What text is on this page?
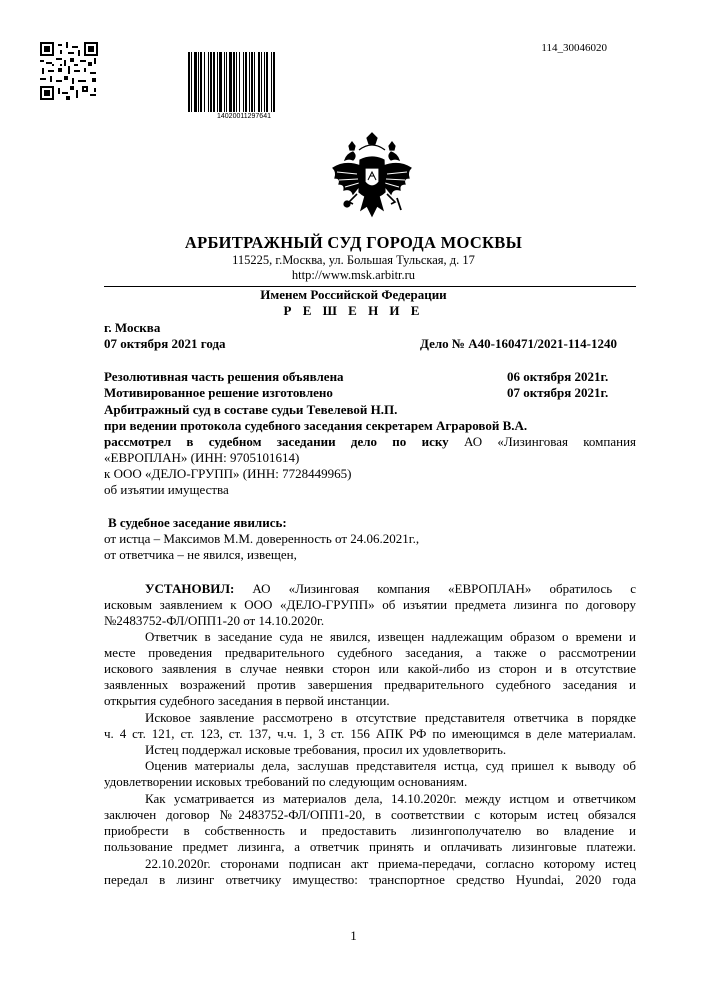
14020011297641
114_30046020
АРБИТРАЖНЫЙ СУД ГОРОДА МОСКВЫ
115225, г.Москва, ул. Большая Тульская, д. 17
http://www.msk.arbitr.ru
Именем Российской Федерации
Р Е Ш Е Н И Е
г. Москва
07 октября 2021 года	Дело № А40-160471/2021-114-1240
Резолютивная часть решения объявлена	06 октября 2021г.
Мотивированное решение изготовлено	07 октября 2021г.
Арбитражный суд в составе судьи Тевелевой Н.П.
при ведении протокола судебного заседания секретарем Аграровой В.А.
рассмотрел в судебном заседании дело по иску АО «Лизинговая компания
«ЕВРОПЛАН» (ИНН: 9705101614)
к ООО «ДЕЛО-ГРУПП» (ИНН: 7728449965)
об изъятии имущества
В судебное заседание явились:
от истца – Максимов М.М. доверенность от 24.06.2021г.,
от ответчика – не явился, извещен,
УСТАНОВИЛ: АО «Лизинговая компания «ЕВРОПЛАН» обратилось с
исковым заявлением к ООО «ДЕЛО-ГРУПП» об изъятии предмета лизинга по договору
№2483752-ФЛ/ОПП1-20 от 14.10.2020г.
Ответчик в заседание суда не явился, извещен надлежащим образом о времени и
месте проведения предварительного судебного заседания, а также о рассмотрении
искового заявления в случае неявки сторон или какой-либо из сторон и в отсутствие
заявленных возражений против завершения предварительного судебного заседания и
открытия судебного заседания в первой инстанции.
Исковое заявление рассмотрено в отсутствие представителя ответчика в порядке
ч. 4 ст. 121, ст. 123, ст. 137, ч.ч. 1, 3 ст. 156 АПК РФ по имеющимся в деле материалам.
Истец поддержал исковые требования, просил их удовлетворить.
Оценив материалы дела, заслушав представителя истца, суд пришел к выводу об
удовлетворении исковых требований по следующим основаниям.
Как усматривается из материалов дела, 14.10.2020г. между истцом и ответчиком
заключен договор №2483752-ФЛ/ОПП1-20, в соответствии с которым истец обязался
приобрести в собственность и предоставить лизингополучателю во владение и
пользование предмет лизинга, а ответчик принять и оплачивать лизинговые платежи.
22.10.2020г. сторонами подписан акт приема-передачи, согласно которому истец
передал в лизинг ответчику имущество: транспортное средство Hyundai, 2020 года
1
